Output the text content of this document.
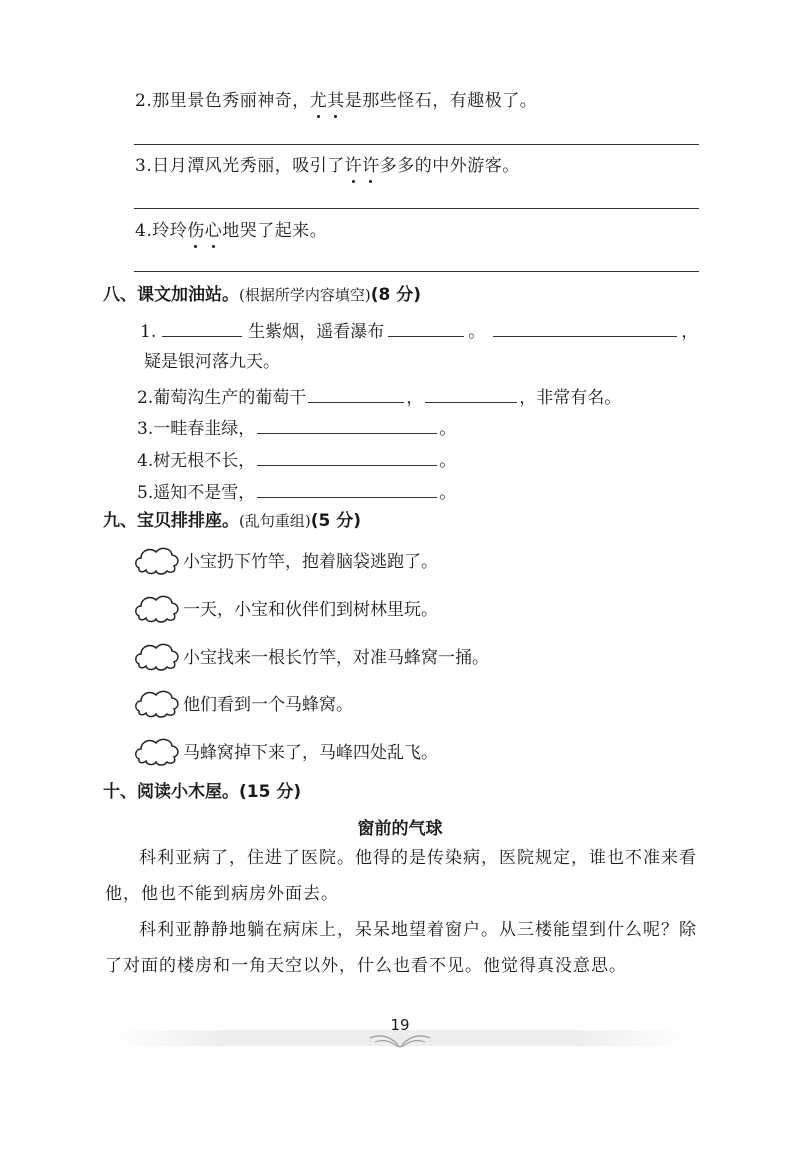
2.那里景色秀丽神奇，尤其是那些怪石，有趣极了。
3.日月潭风光秀丽，吸引了许许多多的中外游客。
4.玲玲伤心地哭了起来。
八、课文加油站。(根据所学内容填空)(8 分)
1.	生紫烟，遥看瀑布	。	，
疑是银河落九天。
2.葡萄沟生产的葡萄干	，	，非常有名。
3.一畦春韭绿，	。
4.树无根不长，	。
5.遥知不是雪，	。
九、宝贝排排座。(乱句重组)(5 分)
小宝扔下竹竿，抱着脑袋逃跑了。
一天，小宝和伙伴们到树林里玩。
小宝找来一根长竹竿，对准马蜂窝一捅。
他们看到一个马蜂窝。
马蜂窝掉下来了，马峰四处乱飞。
十、阅读小木屋。(15 分)
窗前的气球
科利亚病了，住进了医院。他得的是传染病，医院规定，谁也不准来看他，他也不能到病房外面去。
科利亚静静地躺在病床上，呆呆地望着窗户。从三楼能望到什么呢？除了对面的楼房和一角天空以外，什么也看不见。他觉得真没意思。
19
